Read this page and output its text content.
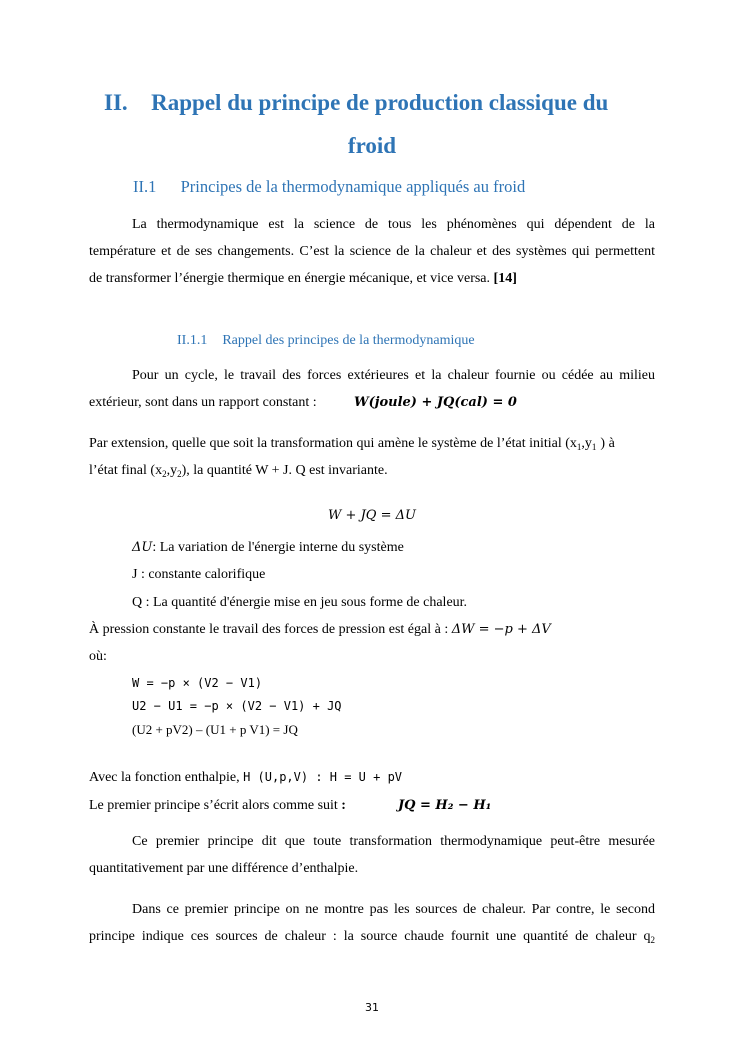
II. Rappel du principe de production classique du
froid
II.1 Principes de la thermodynamique appliqués au froid
La thermodynamique est la science de tous les phénomènes qui dépendent de la
température et de ses changements. C’est la science de la chaleur et des systèmes qui permettent
de transformer l’énergie thermique en énergie mécanique, et vice versa. [14]
II.1.1 Rappel des principes de la thermodynamique
Pour un cycle, le travail des forces extérieures et la chaleur fournie ou cédée au milieu
extérieur, sont dans un rapport constant :	W(joule) + JQ(cal) = 0
Par extension, quelle que soit la transformation qui amène le système de l’état initial ($x_1,y_1$ ) à
l’état final $(x_2,y_2)$, la quantité W + J. Q est invariante.
W + JQ = ΔU
ΔU: La variation de l'énergie interne du système
J : constante calorifique
Q : La quantité d'énergie mise en jeu sous forme de chaleur.
À pression constante le travail des forces de pression est égal à : ΔW = −p + ΔV
où:
W = −p × (V2 − V1)
U2 − U1 = −p × (V2 − V1) + JQ
(U2 + pV2) – (U1 + p V1) = JQ
Avec la fonction enthalpie, H (U,p,V) : H = U + pV
Le premier principe s’écrit alors comme suit :	JQ = H₂ − H₁
Ce premier principe dit que toute transformation thermodynamique peut-être mesurée
quantitativement par une différence d’enthalpie.
Dans ce premier principe on ne montre pas les sources de chaleur. Par contre, le second
principe indique ces sources de chaleur : la source chaude fournit une quantité de chaleur $q_2$
31
